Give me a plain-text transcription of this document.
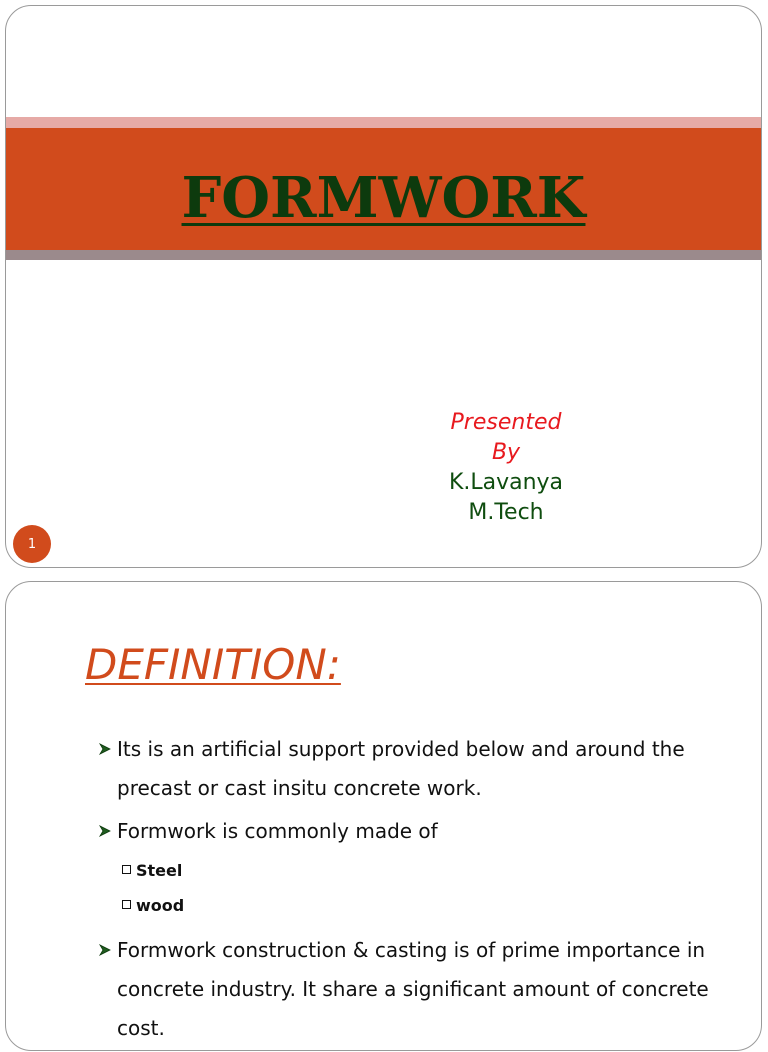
FORMWORK
Presented
By
K.Lavanya
M.Tech
1
DEFINITION:
Its is an artificial support provided below and around the precast or cast insitu concrete work.
Formwork is commonly made of
Steel
wood
Formwork construction & casting is of prime importance in concrete industry. It share a significant amount of concrete cost.
